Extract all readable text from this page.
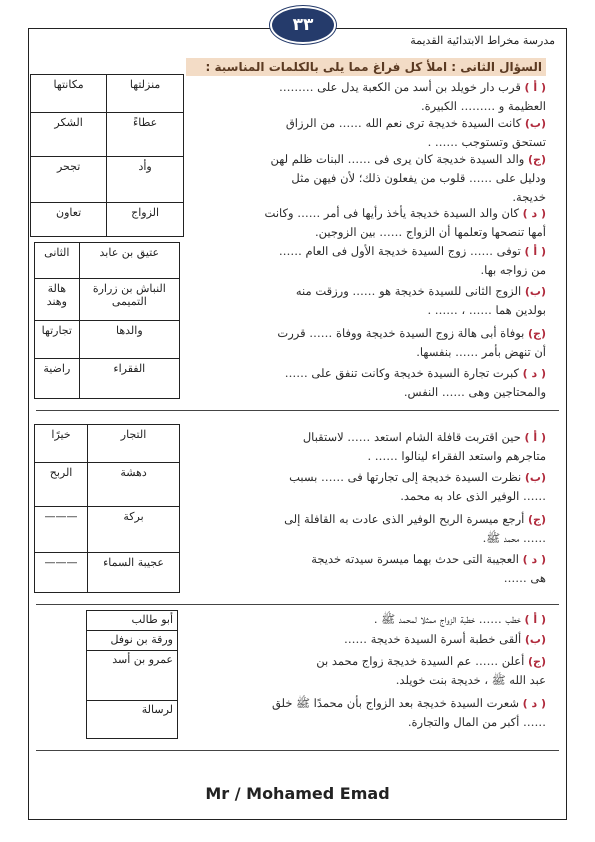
٣٣
مدرسة مخراط الابتدائية القديمة
السؤال الثانى : املأ كل فراغ مما يلى بالكلمات المناسبة :
منزلتها	مكانتها
عطاءً	الشكر
وأد	تجحر
الزواج	تعاون
( أ ) قرب دار خويلد بن أسد من الكعبة يدل على ………
العظيمة و ……… الكبيرة.
(ب) كانت السيدة خديجة ترى نعم الله …… من الرزاق
تستحق وتستوجب …… .
(ج) والد السيدة خديجة كان يرى فى …… البنات ظلم لهن
ودليل على …… قلوب من يفعلون ذلك؛ لأن فيهن مثل
خديجة.
( د ) كان والد السيدة خديجة يأخذ رأيها فى أمر …… وكانت
أمها تنصحها وتعلمها أن الزواج …… بين الزوجين.
عتيق بن عابد	الثانى
النباش بن زرارة التميمى	هالة وهند
والدها	تجارتها
الفقراء	راضية
( أ ) توفى …… زوج السيدة خديجة الأول فى العام ……
من زواجه بها.
(ب) الزوج الثانى للسيدة خديجة هو …… ورزقت منه
بولدين هما …… ، …… .
(ج) بوفاة أبى هالة زوج السيدة خديجة ووفاة …… قررت
أن تنهض بأمر …… بنفسها.
( د ) كبرت تجارة السيدة خديجة وكانت تنفق على ……
والمحتاجين وهى …… النفس.
التجار	خيرًا
دهشة	الربح
بركة	———
عجيبة السماء	———
( أ ) حين اقتربت قافلة الشام استعد …… لاستقبال
متاجرهم واستعد الفقراء لينالوا …… .
(ب) نظرت السيدة خديجة إلى تجارتها فى …… بسبب
…… الوفير الذى عاد به محمد.
(ج) أرجع ميسرة الربح الوفير الذى عادت به القافلة إلى
…… محمد ﷺ.
( د ) العجيبة التى حدث بهما ميسرة سيدته خديجة
هى ……
أبو طالب
ورقة بن نوفل
عمرو بن أسد
لرسالة
( أ ) خطب …… خطبة الزواج ممثلا لمحمد ﷺ .
(ب) ألقى خطبة أسرة السيدة خديجة ……
(ج) أعلن …… عم السيدة خديجة زواج محمد بن
عبد الله ﷺ ، خديجة بنت خويلد.
( د ) شعرت السيدة خديجة بعد الزواج بأن محمدًا ﷺ خلق
…… أكبر من المال والتجارة.
Mr / Mohamed Emad
